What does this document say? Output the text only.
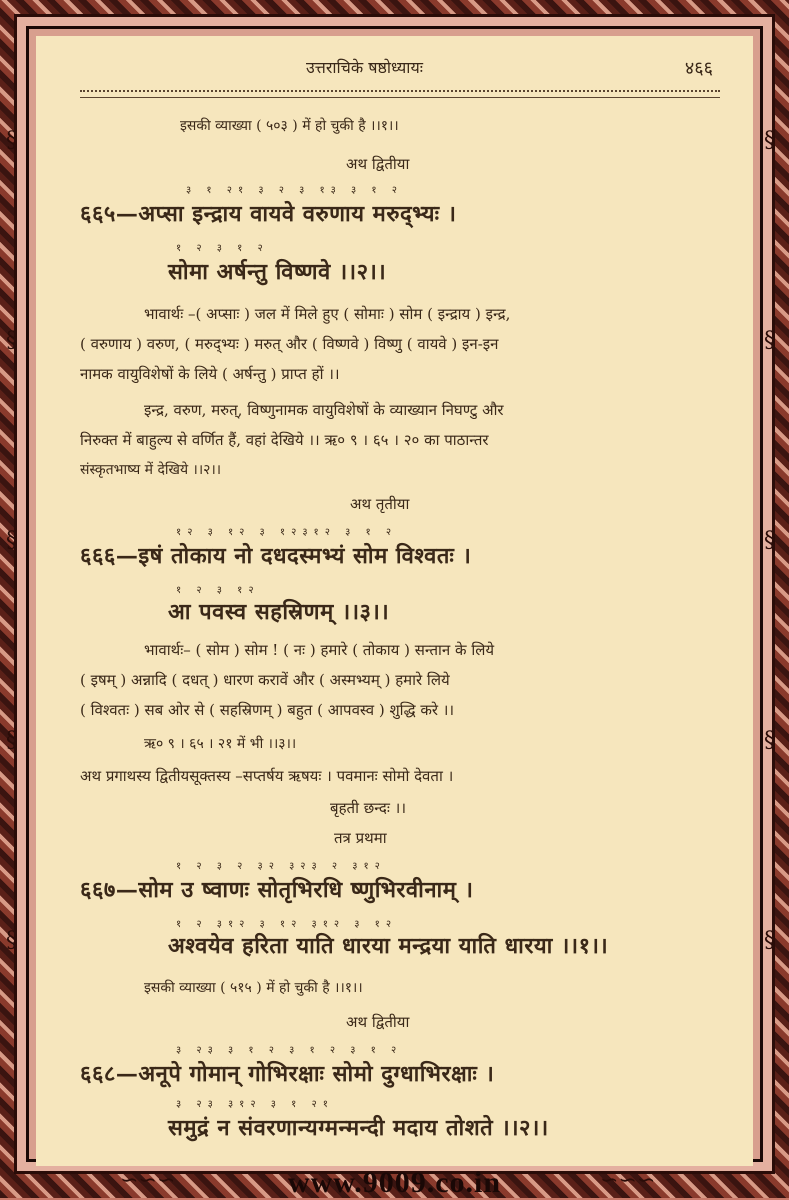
§
§
§
§
§
§
§
§
§
§
उत्तराचिके षष्ठोध्यायः	४६६
इसकी व्याख्या ( ५०३ ) में हो चुकी है ।।१।।
अथ द्वितीया
३ १ २१ ३ २ ३ १३ ३ १ २
६६५—अप्सा इन्द्राय वायवे वरुणाय मरुद्भ्यः ।
१ २ ३ १ २
सोमा अर्षन्तु विष्णवे ।।२।।
भावार्थः –( अप्साः ) जल में मिले हुए ( सोमाः ) सोम ( इन्द्राय ) इन्द्र,
( वरुणाय ) वरुण, ( मरुद्भ्यः ) मरुत् और ( विष्णवे ) विष्णु ( वायवे ) इन-इन
नामक वायुविशेषों के लिये ( अर्षन्तु ) प्राप्त हों ।।
इन्द्र, वरुण, मरुत्, विष्णुनामक वायुविशेषों के व्याख्यान निघण्टु और
निरुक्त में बाहुल्य से वर्णित हैं, वहां देखिये ।। ऋ० ९ । ६५ । २० का पाठान्तर
संस्कृतभाष्य में देखिये ।।२।।
अथ तृतीया
१२ ३ १२ ३ १२३१२ ३ १ २
६६६—इषं तोकाय नो दधदस्मभ्यं सोम विश्वतः ।
१ २ ३ १२
आ पवस्व सहस्रिणम् ।।३।।
भावार्थः– ( सोम ) सोम ! ( नः ) हमारे ( तोकाय ) सन्तान के लिये
( इषम् ) अन्नादि ( दधत् ) धारण करावें और ( अस्मभ्यम् ) हमारे लिये
( विश्वतः ) सब ओर से ( सहस्रिणम् ) बहुत ( आपवस्व ) शुद्धि करे ।।
ऋ० ९ । ६५ । २१ में भी ।।३।।
अथ प्रगाथस्य द्वितीयसूक्तस्य –सप्तर्षय ऋषयः । पवमानः सोमो देवता ।
बृहती छन्दः ।।
तत्र प्रथमा
१ २ ३ २ ३२ ३२३ २ ३१२
६६७—सोम उ ष्वाणः सोतृभिरधि ष्णुभिरवीनाम् ।
१ २ ३१२ ३ १२ ३१२ ३ १२
अश्वयेव हरिता याति धारया मन्द्रया याति धारया ।।१।।
इसकी व्याख्या ( ५१५ ) में हो चुकी है ।।१।।
अथ द्वितीया
३ २३ ३ १ २ ३ १ २ ३ १ २
६६८—अनूपे गोमान् गोभिरक्षाः सोमो दुग्धाभिरक्षाः ।
३ २३ ३१२ ३ १ २१
समुद्रं न संवरणान्यग्मन्मन्दी मदाय तोशते ।।२।।
∽∽∽	www.9009.co.in	∽∽∽
